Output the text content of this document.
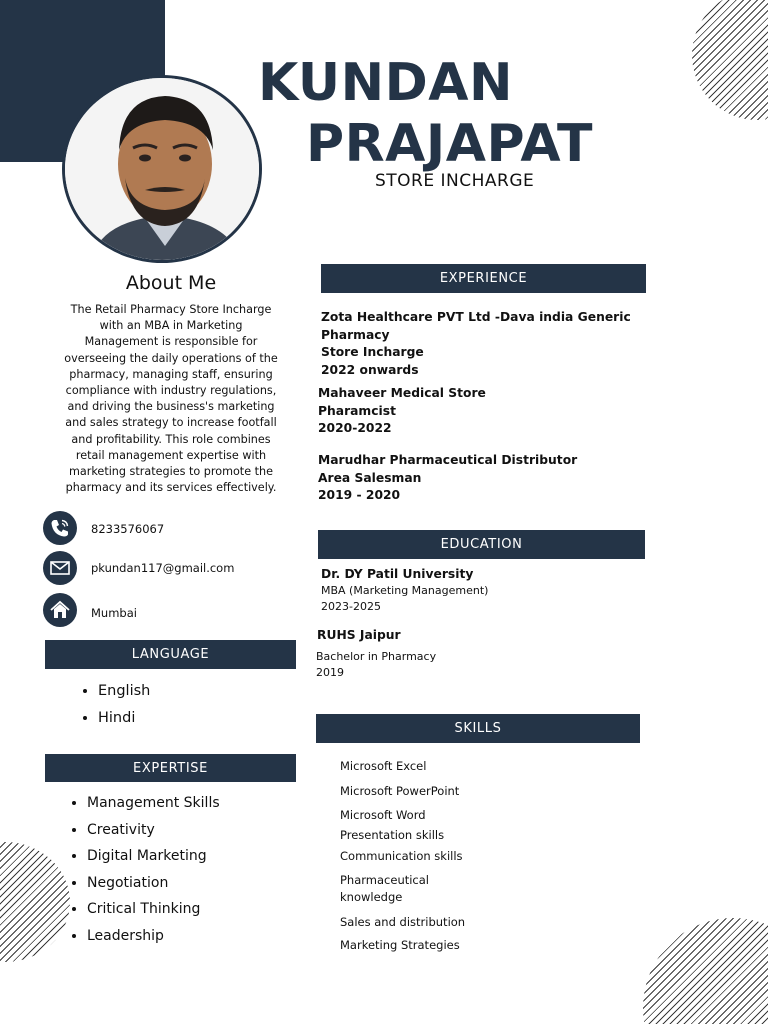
KUNDAN
PRAJAPAT
STORE INCHARGE
About Me
The Retail Pharmacy Store Incharge
with an MBA in Marketing
Management is responsible for
overseeing the daily operations of the
pharmacy, managing staff, ensuring
compliance with industry regulations,
and driving the business's marketing
and sales strategy to increase footfall
and profitability. This role combines
retail management expertise with
marketing strategies to promote the
pharmacy and its services effectively.
8233576067
pkundan117@gmail.com
Mumbai
LANGUAGE
• English
• Hindi
EXPERTISE
• Management Skills
• Creativity
• Digital Marketing
• Negotiation
• Critical Thinking
• Leadership
EXPERIENCE
Zota Healthcare PVT Ltd -Dava india Generic
Pharmacy
Store Incharge
2022 onwards
Mahaveer Medical Store
Pharamcist
2020-2022
Marudhar Pharmaceutical Distributor
Area Salesman
2019 - 2020
EDUCATION
Dr. DY Patil University
MBA (Marketing Management)
2023-2025
RUHS Jaipur
Bachelor in Pharmacy
2019
SKILLS
Microsoft Excel
Microsoft PowerPoint
Microsoft Word
Presentation skills
Communication skills
Pharmaceutical
knowledge
Sales and distribution
Marketing Strategies
